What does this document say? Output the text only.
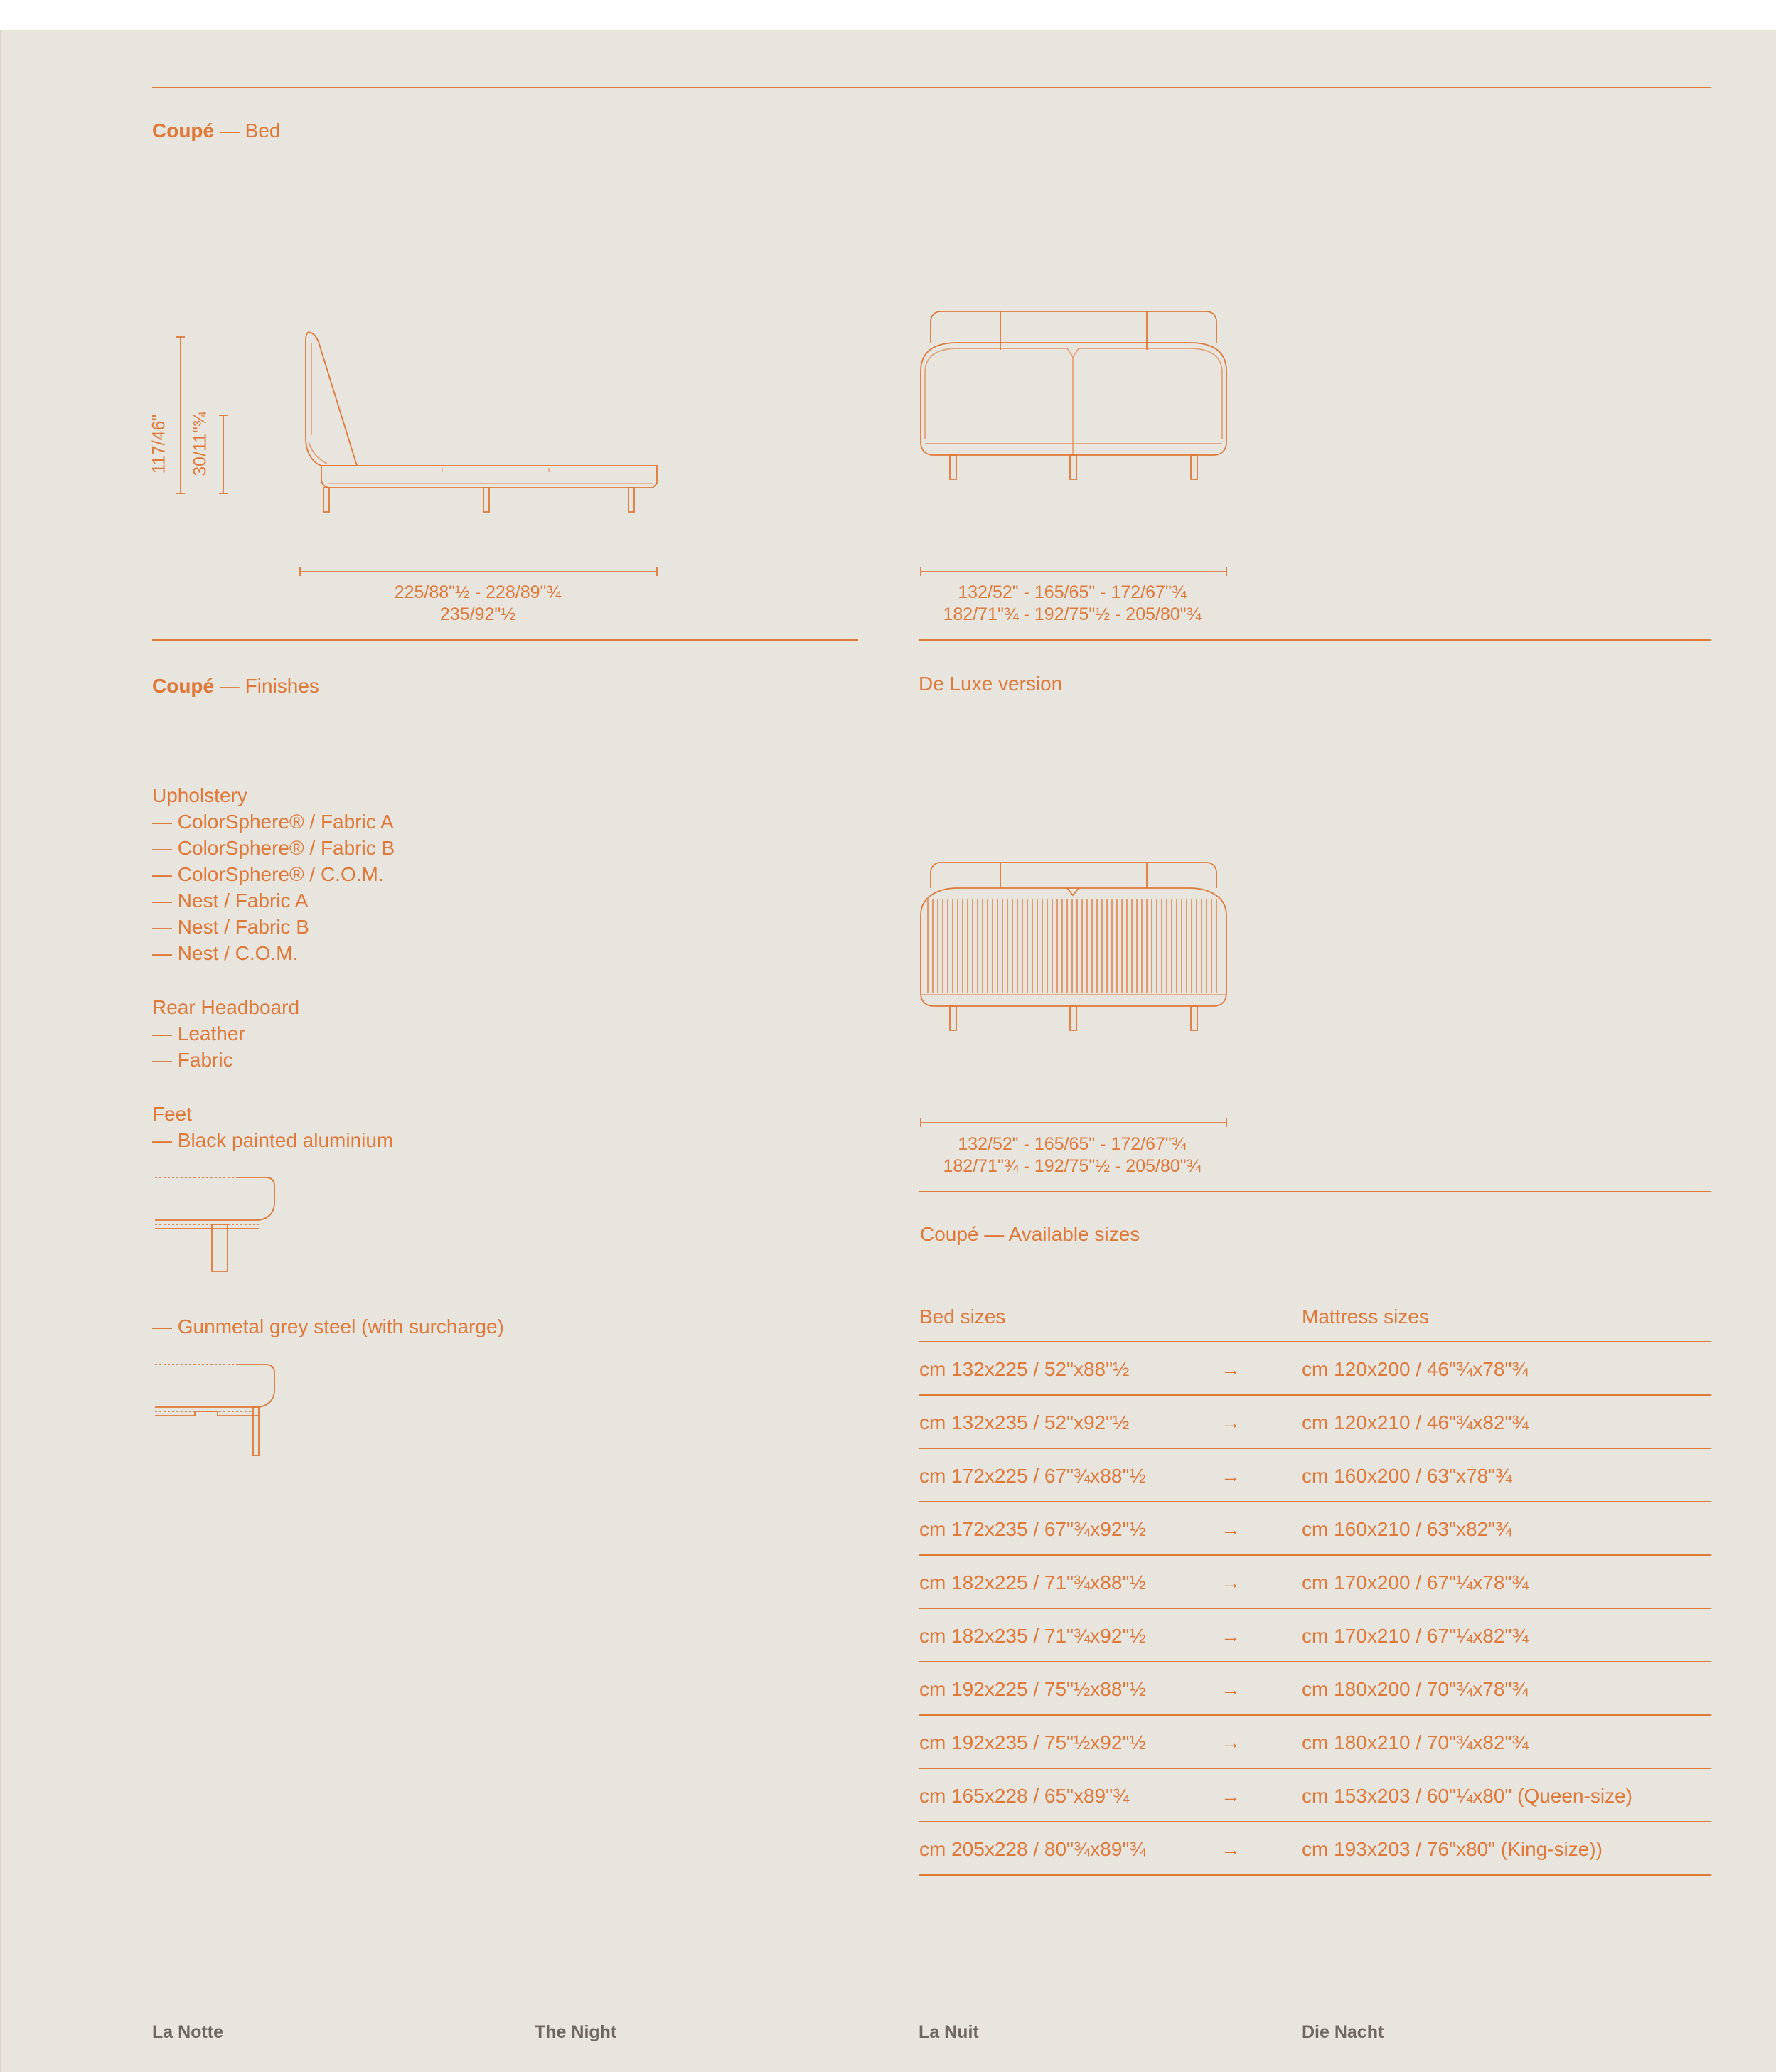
Coupé — Bed
117/46" 30/11"¾
225/88"½ - 228/89"¾
235/92"½
132/52" - 165/65" - 172/67"¾
182/71"¾ - 192/75"½ - 205/80"¾
Coupé — Finishes
Upholstery
— ColorSphere® / Fabric A
— ColorSphere® / Fabric B
— ColorSphere® / C.O.M.
— Nest / Fabric A
— Nest / Fabric B
— Nest / C.O.M.
Rear Headboard
— Leather
— Fabric
Feet
— Black painted aluminium
— Gunmetal grey steel (with surcharge)
De Luxe version
132/52" - 165/65" - 172/67"¾
182/71"¾ - 192/75"½ - 205/80"¾
Coupé — Available sizes
Bed sizes	Mattress sizes
cm 132x225 / 52"x88"½	→	cm 120x200 / 46"¾x78"¾
cm 132x235 / 52"x92"½	→	cm 120x210 / 46"¾x82"¾
cm 172x225 / 67"¾x88"½	→	cm 160x200 / 63"x78"¾
cm 172x235 / 67"¾x92"½	→	cm 160x210 / 63"x82"¾
cm 182x225 / 71"¾x88"½	→	cm 170x200 / 67"¼x78"¾
cm 182x235 / 71"¾x92"½	→	cm 170x210 / 67"¼x82"¾
cm 192x225 / 75"½x88"½	→	cm 180x200 / 70"¾x78"¾
cm 192x235 / 75"½x92"½	→	cm 180x210 / 70"¾x82"¾
cm 165x228 / 65"x89"¾	→	cm 153x203 / 60"¼x80" (Queen-size)
cm 205x228 / 80"¾x89"¾	→	cm 193x203 / 76"x80" (King-size))
La Notte	The Night	La Nuit	Die Nacht
